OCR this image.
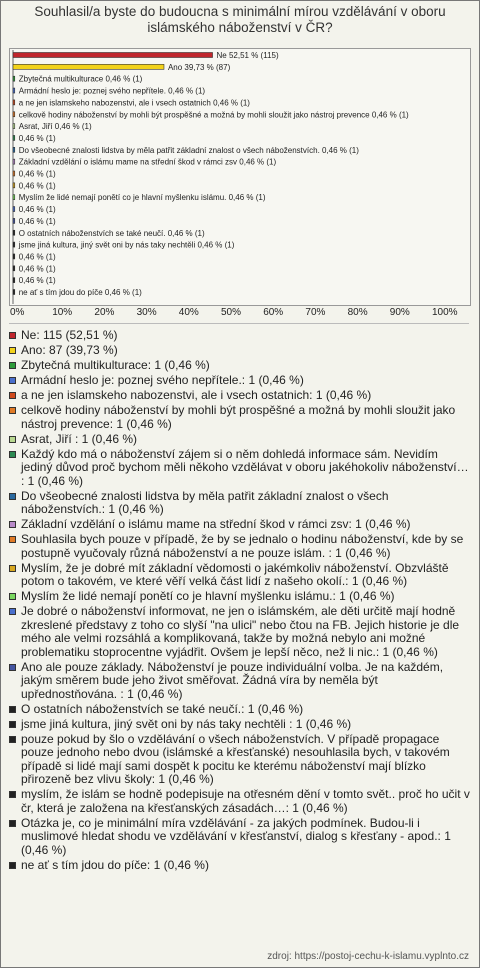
Souhlasil/a byste do budoucna s minimální mírou vzdělávání v oboru islámského náboženství v ČR?
Ne 52,51 % (115)
Ano 39,73 % (87)
Zbytečná multikulturace 0,46 % (1)
Armádní heslo je: poznej svého nepřítele. 0,46 % (1)
a ne jen islamskeho nabozenstvi, ale i vsech ostatnich 0,46 % (1)
celkově hodiny náboženství by mohli být prospěšné a možná by mohli sloužit jako nástroj prevence 0,46 % (1)
Asrat, Jiří 0,46 % (1)
0,46 % (1)
Do všeobecné znalosti lidstva by měla patřit základní znalost o všech náboženstvích. 0,46 % (1)
Základní vzdělání o islámu mame na střední škod v rámci zsv 0,46 % (1)
0,46 % (1)
0,46 % (1)
Myslím že lidé nemají ponětí co je hlavní myšlenku islámu. 0,46 % (1)
0,46 % (1)
0,46 % (1)
O ostatních náboženstvích se také neučí. 0,46 % (1)
jsme jiná kultura, jiný svět oni by nás taky nechtěli 0,46 % (1)
0,46 % (1)
0,46 % (1)
0,46 % (1)
ne ať s tím jdou do píče 0,46 % (1)
0%	10% 20% 30% 40% 50% 60% 70% 80% 90% 100%
Ne: 115 (52,51 %)
Ano: 87 (39,73 %)
Zbytečná multikulturace: 1 (0,46 %)
Armádní heslo je: poznej svého nepřítele.: 1 (0,46 %)
a ne jen islamskeho nabozenstvi, ale i vsech ostatnich: 1 (0,46 %)
celkově hodiny náboženství by mohli být prospěšné a možná by mohli sloužit jako nástroj prevence: 1 (0,46 %)
Asrat, Jiří : 1 (0,46 %)
Každý kdo má o náboženství zájem si o něm dohledá informace sám. Nevidím jediný důvod proč bychom měli někoho vzdělávat v oboru jakéhokoliv náboženství… : 1 (0,46 %)
Do všeobecné znalosti lidstva by měla patřit základní znalost o všech náboženstvích.: 1 (0,46 %)
Základní vzdělání o islámu mame na střední škod v rámci zsv: 1 (0,46 %)
Souhlasila bych pouze v případě, že by se jednalo o hodinu náboženství, kde by se postupně vyučovaly různá náboženství a ne pouze islám. : 1 (0,46 %)
Myslím, že je dobré mít základní vědomosti o jakémkoliv náboženství. Obzvláště potom o takovém, ve které věří velká část lidí z našeho okolí.: 1 (0,46 %)
Myslím že lidé nemají ponětí co je hlavní myšlenku islámu.: 1 (0,46 %)
Je dobré o náboženství informovat, ne jen o islámském, ale děti určitě mají hodně zkreslené představy z toho co slyší "na ulici" nebo čtou na FB. Jejich historie je dle mého ale velmi rozsáhlá a komplikovaná, takže by možná nebylo ani možné problematiku stoprocentne vyjádřit. Ovšem je lepší něco, než li nic.: 1 (0,46 %)
Ano ale pouze základy. Náboženství je pouze individuální volba. Je na každém, jakým směrem bude jeho život směřovat. Žádná víra by neměla být upřednostňována. : 1 (0,46 %)
O ostatních náboženstvích se také neučí.: 1 (0,46 %)
jsme jiná kultura, jiný svět oni by nás taky nechtěli : 1 (0,46 %)
pouze pokud by šlo o vzdělávání o všech náboženstvích. V případě propagace pouze jednoho nebo dvou (islámské a křesťanské) nesouhlasila bych, v takovém případě si lidé mají sami dospět k pocitu ke kterému náboženství mají blízko přirozeně bez vlivu školy: 1 (0,46 %)
myslím, že islám se hodně podepisuje na otřesném dění v tomto svět.. proč ho učit v čr, která je založena na křesťanských zásadách…: 1 (0,46 %)
Otázka je, co je minimální míra vzdělávání - za jakých podmínek. Budou-li i muslimové hledat shodu ve vzdělávání v křesťanství, dialog s křesťany - apod.: 1 (0,46 %)
ne ať s tím jdou do píče: 1 (0,46 %)
zdroj: https://postoj-cechu-k-islamu.vyplnto.cz
